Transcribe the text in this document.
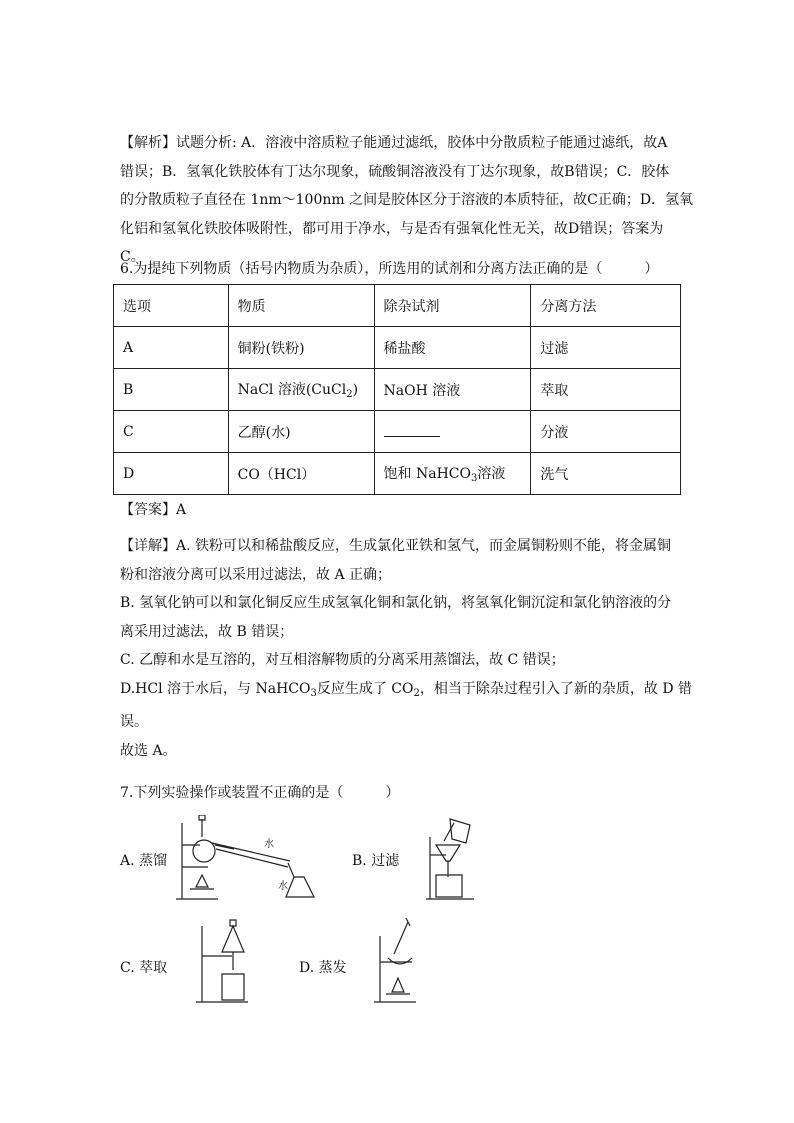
【解析】试题分析: A．溶液中溶质粒子能通过滤纸，胶体中分散质粒子能通过滤纸，故A
错误；B．氢氧化铁胶体有丁达尔现象，硫酸铜溶液没有丁达尔现象，故B错误；C．胶体
的分散质粒子直径在 1nm～100nm 之间是胶体区分于溶液的本质特征，故C正确；D．氢氧
化铝和氢氧化铁胶体吸附性，都可用于净水，与是否有强氧化性无关，故D错误；答案为
C。
6.为提纯下列物质（括号内物质为杂质），所选用的试剂和分离方法正确的是（　　　）
选项	物质	除杂试剂	分离方法
A	铜粉(铁粉)	稀盐酸	过滤
B	NaCl 溶液(CuCl$_2$)	NaOH 溶液	萃取
C	乙醇(水)		分液
D	CO（HCl）	饱和 NaHCO$_3$溶液	洗气
【答案】A
【详解】A. 铁粉可以和稀盐酸反应，生成氯化亚铁和氢气，而金属铜粉则不能，将金属铜
粉和溶液分离可以采用过滤法，故 A 正确；
B. 氢氧化钠可以和氯化铜反应生成氢氧化铜和氯化钠，将氢氧化铜沉淀和氯化钠溶液的分
离采用过滤法，故 B 错误；
C. 乙醇和水是互溶的，对互相溶解物质的分离采用蒸馏法，故 C 错误；
D.HCl 溶于水后，与 NaHCO$_3$反应生成了 $CO_2$，相当于除杂过程引入了新的杂质，故 D 错
误。
故选 A。
7.下列实验操作或装置不正确的是（　　　）
A. 蒸馏
水
水
B. 过滤
C. 萃取	D. 蒸发
